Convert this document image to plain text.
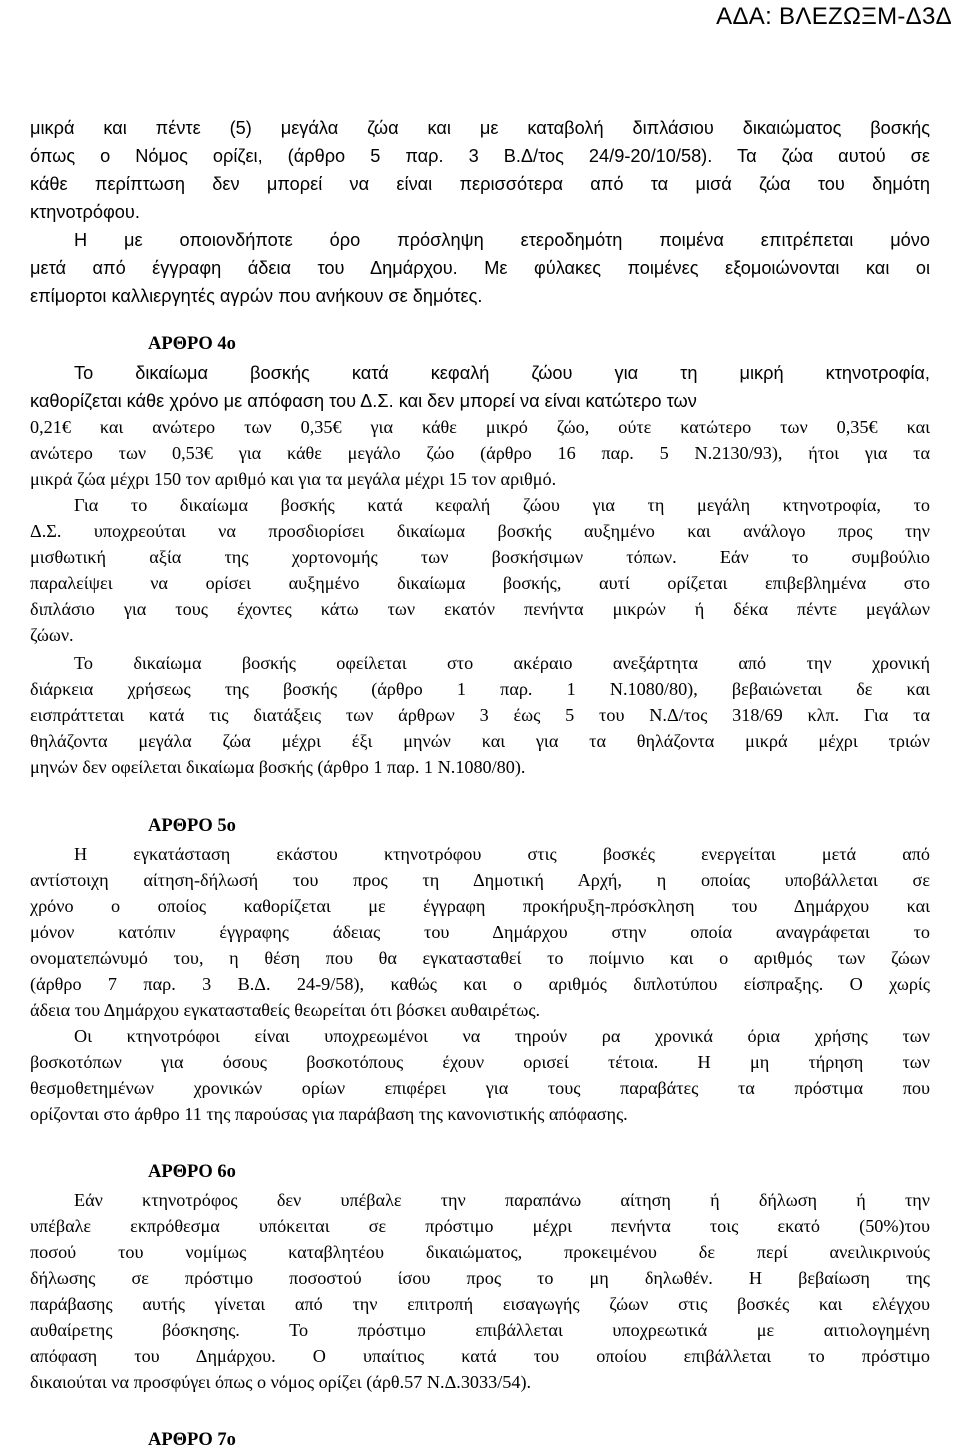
ΑΔΑ: ΒΛΕΖΩΞΜ-Δ3Δ
μικρά και πέντε (5) μεγάλα ζώα και με καταβολή διπλάσιου δικαιώματος βοσκής
όπως ο Νόμος ορίζει, (άρθρο 5 παρ. 3 Β.Δ/τος 24/9-20/10/58). Τα ζώα αυτού σε
κάθε περίπτωση δεν μπορεί να είναι περισσότερα από τα μισά ζώα του δημότη
κτηνοτρόφου.
Η με οποιονδήποτε όρο πρόσληψη ετεροδημότη ποιμένα επιτρέπεται μόνο
μετά από έγγραφη άδεια του Δημάρχου. Με φύλακες ποιμένες εξομοιώνονται και οι
επίμορτοι καλλιεργητές αγρών που ανήκουν σε δημότες.
ΑΡΘΡΟ 4ο
Το δικαίωμα βοσκής κατά κεφαλή ζώου για τη μικρή κτηνοτροφία,
καθορίζεται κάθε χρόνο με απόφαση του Δ.Σ. και δεν μπορεί να είναι κατώτερο των
0,21€ και ανώτερο των 0,35€ για κάθε μικρό ζώο, ούτε κατώτερο των 0,35€ και
ανώτερο των 0,53€ για κάθε μεγάλο ζώο (άρθρο 16 παρ. 5 Ν.2130/93), ήτοι για τα
μικρά ζώα μέχρι 150 τον αριθμό και για τα μεγάλα μέχρι 15 τον αριθμό.
Για το δικαίωμα βοσκής κατά κεφαλή ζώου για τη μεγάλη κτηνοτροφία, το
Δ.Σ. υποχρεούται να προσδιορίσει δικαίωμα βοσκής αυξημένο και ανάλογο προς την
μισθωτική αξία της χορτονομής των βοσκήσιμων τόπων. Εάν το συμβούλιο
παραλείψει να ορίσει αυξημένο δικαίωμα βοσκής, αυτί ορίζεται επιβεβλημένα στο
διπλάσιο για τους έχοντες κάτω των εκατόν πενήντα μικρών ή δέκα πέντε μεγάλων
ζώων.
Το δικαίωμα βοσκής οφείλεται στο ακέραιο ανεξάρτητα από την χρονική
διάρκεια χρήσεως της βοσκής (άρθρο 1 παρ. 1 Ν.1080/80), βεβαιώνεται δε και
εισπράττεται κατά τις διατάξεις των άρθρων 3 έως 5 του Ν.Δ/τος 318/69 κλπ. Για τα
θηλάζοντα μεγάλα ζώα μέχρι έξι μηνών και για τα θηλάζοντα μικρά μέχρι τριών
μηνών δεν οφείλεται δικαίωμα βοσκής (άρθρο 1 παρ. 1 Ν.1080/80).
ΑΡΘΡΟ 5ο
Η εγκατάσταση εκάστου κτηνοτρόφου στις βοσκές ενεργείται μετά από
αντίστοιχη αίτηση-δήλωσή του προς τη Δημοτική Αρχή, η οποίας υποβάλλεται σε
χρόνο ο οποίος καθορίζεται με έγγραφη προκήρυξη-πρόσκληση του Δημάρχου και
μόνον κατόπιν έγγραφης άδειας του Δημάρχου στην οποία αναγράφεται το
ονοματεπώνυμό του, η θέση που θα εγκατασταθεί το ποίμνιο και ο αριθμός των ζώων
(άρθρο 7 παρ. 3 Β.Δ. 24-9/58), καθώς και ο αριθμός διπλοτύπου είσπραξης. Ο χωρίς
άδεια του Δημάρχου εγκατασταθείς θεωρείται ότι βόσκει αυθαιρέτως.
Οι κτηνοτρόφοι είναι υποχρεωμένοι να τηρούν ρα χρονικά όρια χρήσης των
βοσκοτόπων για όσους βοσκοτόπους έχουν ορισεί τέτοια. Η μη τήρηση των
θεσμοθετημένων χρονικών ορίων επιφέρει για τους παραβάτες τα πρόστιμα που
ορίζονται στο άρθρο 11 της παρούσας για παράβαση της κανονιστικής απόφασης.
ΑΡΘΡΟ 6ο
Εάν κτηνοτρόφος δεν υπέβαλε την παραπάνω αίτηση ή δήλωση ή την
υπέβαλε εκπρόθεσμα υπόκειται σε πρόστιμο μέχρι πενήντα τοις εκατό (50%)του
ποσού του νομίμως καταβλητέου δικαιώματος, προκειμένου δε περί ανειλικρινούς
δήλωσης σε πρόστιμο ποσοστού ίσου προς το μη δηλωθέν. Η βεβαίωση της
παράβασης αυτής γίνεται από την επιτροπή εισαγωγής ζώων στις βοσκές και ελέγχου
αυθαίρετης βόσκησης. Το πρόστιμο επιβάλλεται υποχρεωτικά με αιτιολογημένη
απόφαση του Δημάρχου. Ο υπαίτιος κατά του οποίου επιβάλλεται το πρόστιμο
δικαιούται να προσφύγει όπως ο νόμος ορίζει (άρθ.57 Ν.Δ.3033/54).
ΑΡΘΡΟ 7ο
